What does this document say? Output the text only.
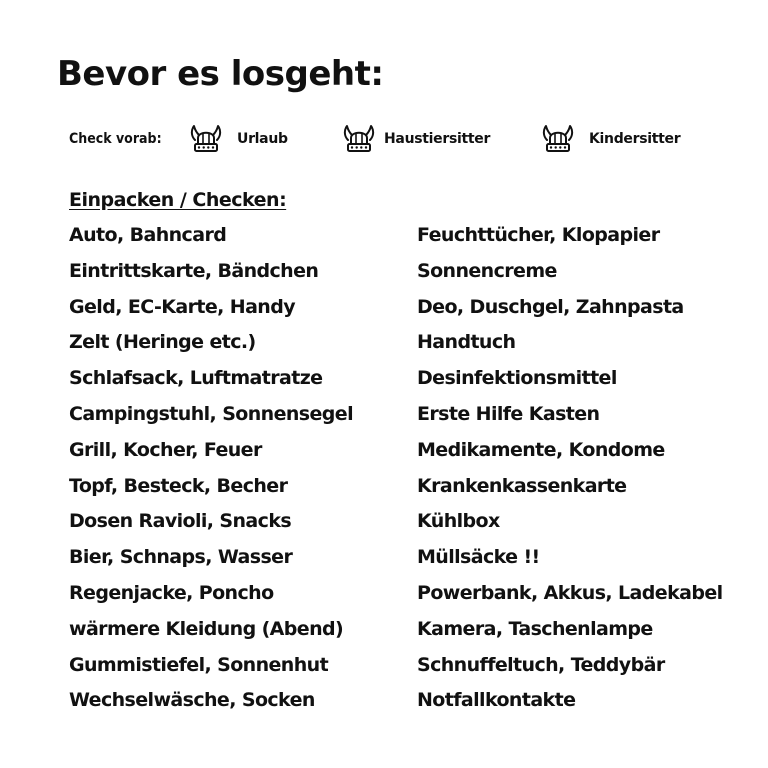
Bevor es losgeht:
Check vorab:	Urlaub	Haustiersitter	Kindersitter
Einpacken / Checken:
Auto, Bahncard
Eintrittskarte, Bändchen
Geld, EC-Karte, Handy
Zelt (Heringe etc.)
Schlafsack, Luftmatratze
Campingstuhl, Sonnensegel
Grill, Kocher, Feuer
Topf, Besteck, Becher
Dosen Ravioli, Snacks
Bier, Schnaps, Wasser
Regenjacke, Poncho
wärmere Kleidung (Abend)
Gummistiefel, Sonnenhut
Wechselwäsche, Socken
Feuchttücher, Klopapier
Sonnencreme
Deo, Duschgel, Zahnpasta
Handtuch
Desinfektionsmittel
Erste Hilfe Kasten
Medikamente, Kondome
Krankenkassenkarte
Kühlbox
Müllsäcke !!
Powerbank, Akkus, Ladekabel
Kamera, Taschenlampe
Schnuffeltuch, Teddybär
Notfallkontakte
